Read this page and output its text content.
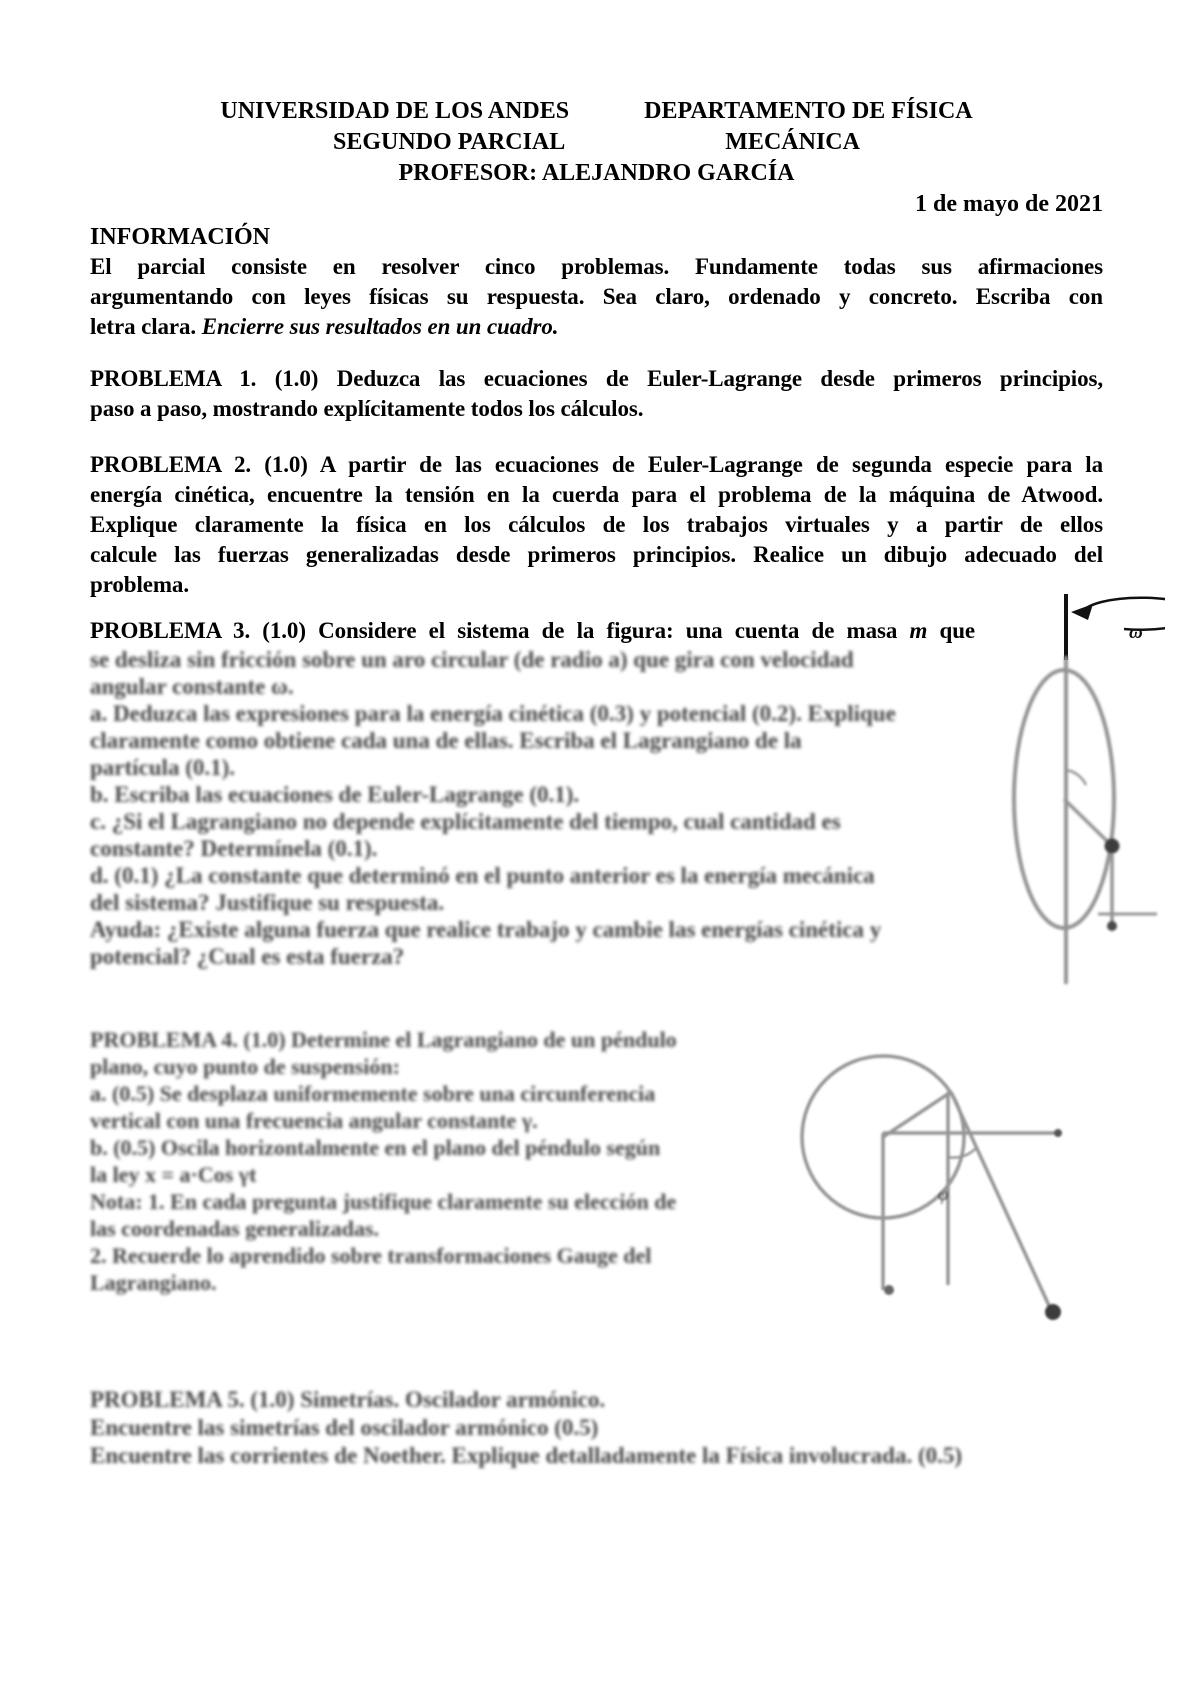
UNIVERSIDAD DE LOS ANDES	DEPARTAMENTO DE FÍSICA
SEGUNDO PARCIAL	MECÁNICA
PROFESOR: ALEJANDRO GARCÍA
1 de mayo de 2021
INFORMACIÓN
El parcial consiste en resolver cinco problemas. Fundamente todas sus afirmaciones
argumentando con leyes físicas su respuesta. Sea claro, ordenado y concreto. Escriba con
letra clara. Encierre sus resultados en un cuadro.
PROBLEMA 1. (1.0) Deduzca las ecuaciones de Euler-Lagrange desde primeros principios,
paso a paso, mostrando explícitamente todos los cálculos.
PROBLEMA 2. (1.0) A partir de las ecuaciones de Euler-Lagrange de segunda especie para la
energía cinética, encuentre la tensión en la cuerda para el problema de la máquina de Atwood.
Explique claramente la física en los cálculos de los trabajos virtuales y a partir de ellos
calcule las fuerzas generalizadas desde primeros principios. Realice un dibujo adecuado del
problema.
PROBLEMA 3. (1.0) Considere el sistema de la figura: una cuenta de masa m que
se desliza sin fricción sobre un aro circular (de radio a) que gira con velocidad
angular constante ω.
a. Deduzca las expresiones para la energía cinética (0.3) y potencial (0.2). Explique
claramente como obtiene cada una de ellas. Escriba el Lagrangiano de la
partícula (0.1).
b. Escriba las ecuaciones de Euler-Lagrange (0.1).
c. ¿Si el Lagrangiano no depende explícitamente del tiempo, cual cantidad es
constante? Determínela (0.1).
d. (0.1) ¿La constante que determinó en el punto anterior es la energía mecánica
del sistema? Justifique su respuesta.
Ayuda: ¿Existe alguna fuerza que realice trabajo y cambie las energías cinética y
potencial? ¿Cual es esta fuerza?
PROBLEMA 4. (1.0) Determine el Lagrangiano de un péndulo
plano, cuyo punto de suspensión:
a. (0.5) Se desplaza uniformemente sobre una circunferencia
vertical con una frecuencia angular constante γ.
b. (0.5) Oscila horizontalmente en el plano del péndulo según
la ley x = a·Cos γt
Nota: 1. En cada pregunta justifique claramente su elección de
las coordenadas generalizadas.
2. Recuerde lo aprendido sobre transformaciones Gauge del
Lagrangiano.
PROBLEMA 5. (1.0) Simetrías. Oscilador armónico.
Encuentre las simetrías del oscilador armónico (0.5)
Encuentre las corrientes de Noether. Explique detalladamente la Física involucrada. (0.5)
ω
φ
